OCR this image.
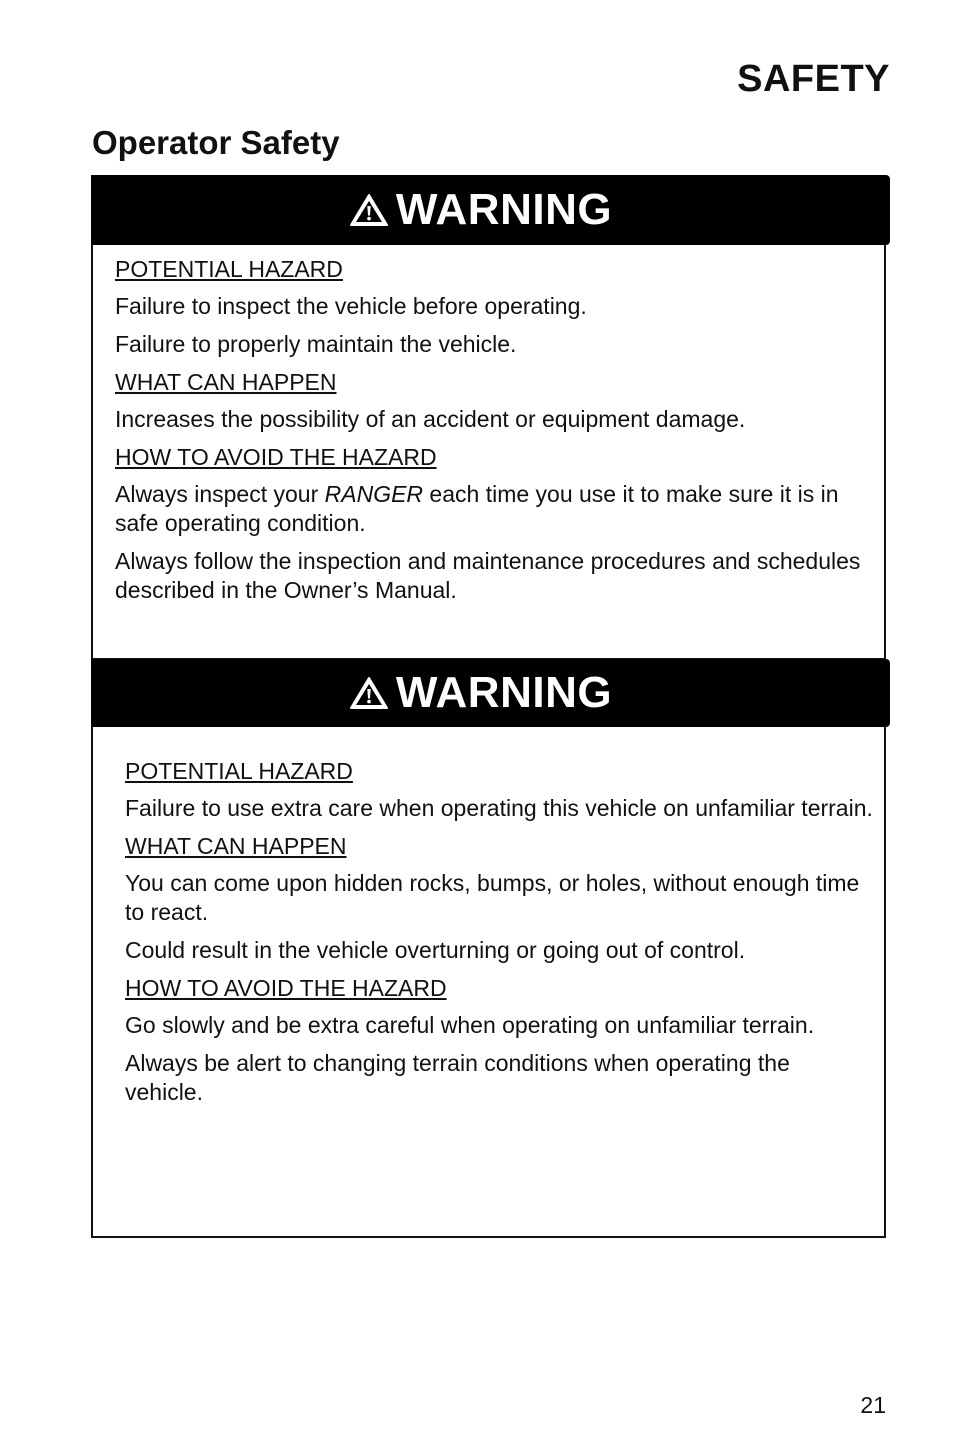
SAFETY
Operator Safety
WARNING

POTENTIAL HAZARD

Failure to inspect the vehicle before operating.

Failure to properly maintain the vehicle.

WHAT CAN HAPPEN

Increases the possibility of an accident or equipment damage.

HOW TO AVOID THE HAZARD

Always inspect your RANGER each time you use it to make sure it is in safe operating condition.

Always follow the inspection and maintenance procedures and schedules described in the Owner’s Manual.

WARNING

POTENTIAL HAZARD

Failure to use extra care when operating this vehicle on unfamiliar terrain.

WHAT CAN HAPPEN

You can come upon hidden rocks, bumps, or holes, without enough time to react.

Could result in the vehicle overturning or going out of control.

HOW TO AVOID THE HAZARD

Go slowly and be extra careful when operating on unfamiliar terrain.

Always be alert to changing terrain conditions when operating the vehicle.

21
